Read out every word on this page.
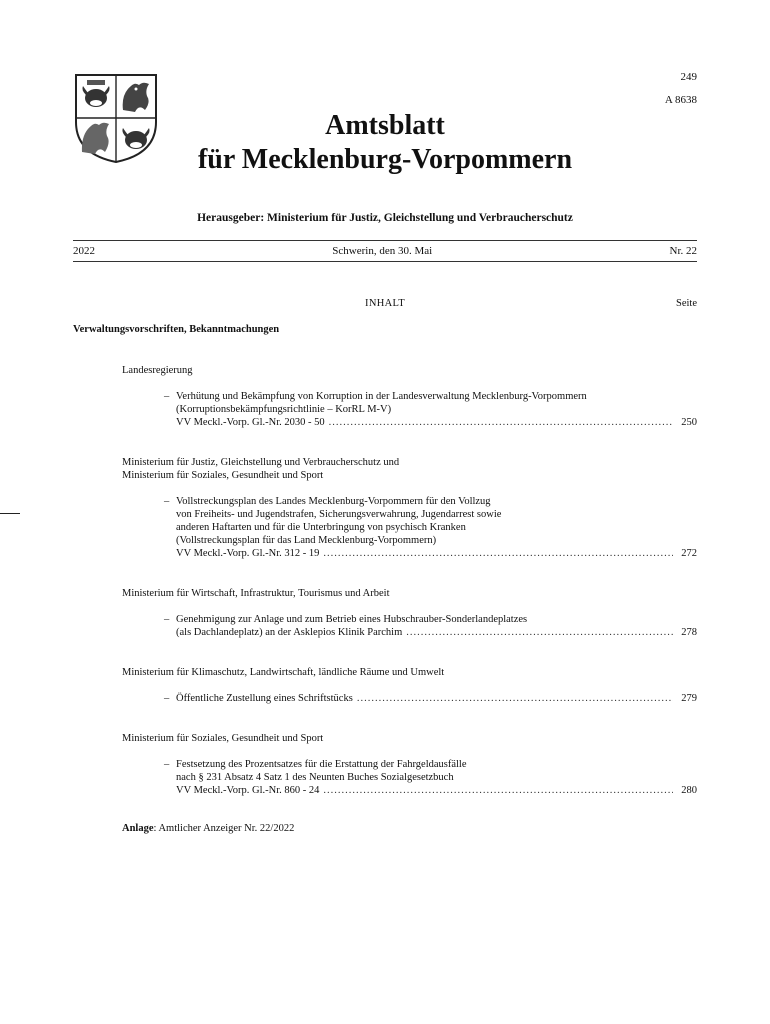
249
A 8638
Amtsblatt
für Mecklenburg-Vorpommern
Herausgeber: Ministerium für Justiz, Gleichstellung und Verbraucherschutz
2022	Schwerin, den 30. Mai	Nr. 22
INHALT	Seite
Verwaltungsvorschriften, Bekanntmachungen
Landesregierung
– Verhütung und Bekämpfung von Korruption in der Landesverwaltung Mecklenburg-Vorpommern
(Korruptionsbekämpfungsrichtlinie – KorRL M-V)
VV Meckl.-Vorp. Gl.-Nr. 2030 - 50 .....	250
Ministerium für Justiz, Gleichstellung und Verbraucherschutz und
Ministerium für Soziales, Gesundheit und Sport
– Vollstreckungsplan des Landes Mecklenburg-Vorpommern für den Vollzug
von Freiheits- und Jugendstrafen, Sicherungsverwahrung, Jugendarrest sowie
anderen Haftarten und für die Unterbringung von psychisch Kranken
(Vollstreckungsplan für das Land Mecklenburg-Vorpommern)
VV Meckl.-Vorp. Gl.-Nr. 312 - 19 .....	272
Ministerium für Wirtschaft, Infrastruktur, Tourismus und Arbeit
– Genehmigung zur Anlage und zum Betrieb eines Hubschrauber-Sonderlandeplatzes
(als Dachlandeplatz) an der Asklepios Klinik Parchim .....	278
Ministerium für Klimaschutz, Landwirtschaft, ländliche Räume und Umwelt
– Öffentliche Zustellung eines Schriftstücks .....	279
Ministerium für Soziales, Gesundheit und Sport
– Festsetzung des Prozentsatzes für die Erstattung der Fahrgeldausfälle
nach § 231 Absatz 4 Satz 1 des Neunten Buches Sozialgesetzbuch
VV Meckl.-Vorp. Gl.-Nr. 860 - 24 .....	280
Anlage: Amtlicher Anzeiger Nr. 22/2022
